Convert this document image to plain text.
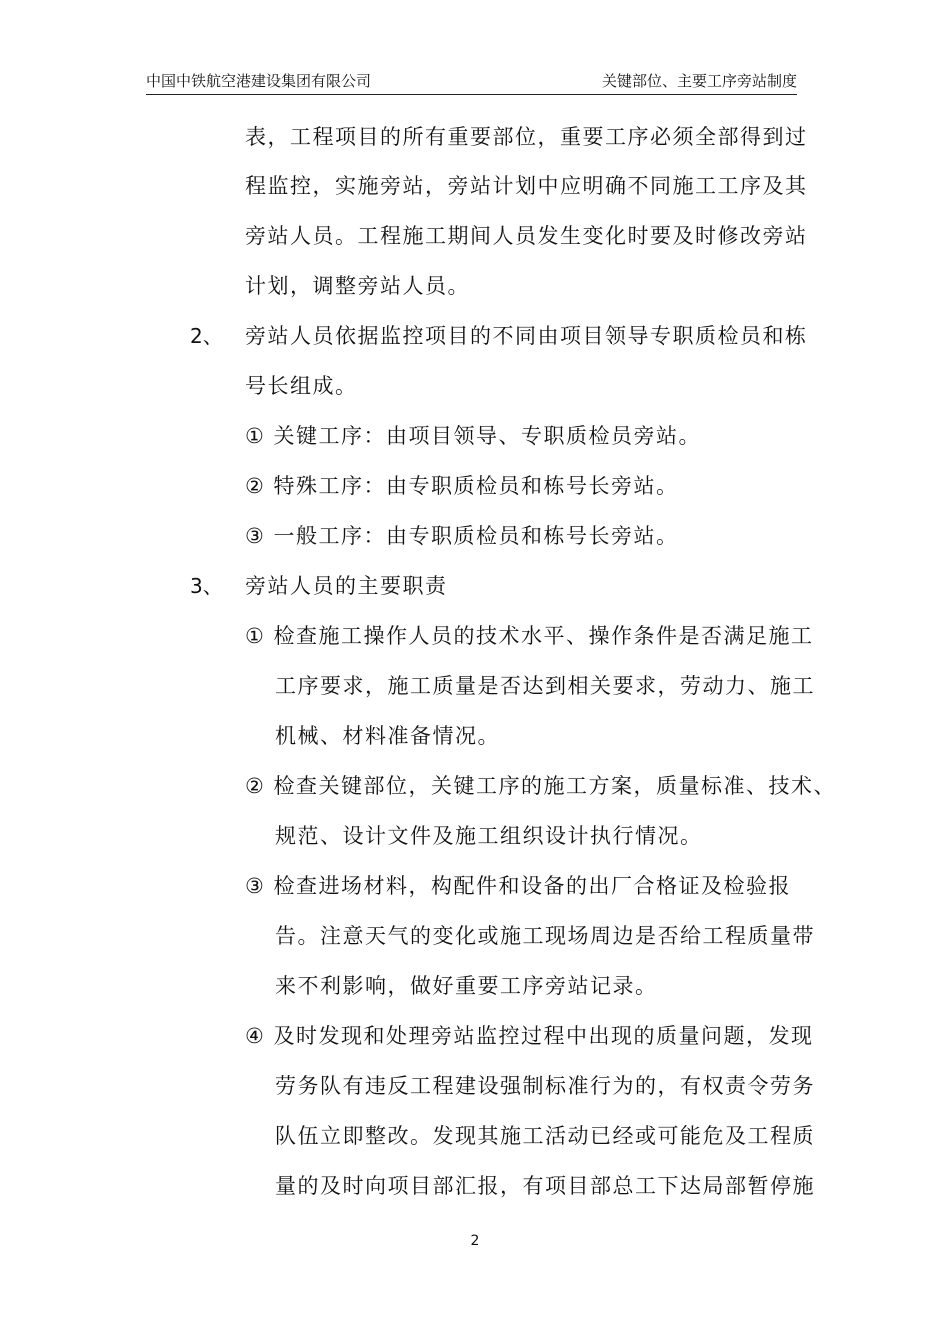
中国中铁航空港建设集团有限公司	关键部位、主要工序旁站制度
表，工程项目的所有重要部位，重要工序必须全部得到过
程监控，实施旁站，旁站计划中应明确不同施工工序及其
旁站人员。工程施工期间人员发生变化时要及时修改旁站
计划，调整旁站人员。
2、 旁站人员依据监控项目的不同由项目领导专职质检员和栋
号长组成。
① 关键工序：由项目领导、专职质检员旁站。
② 特殊工序：由专职质检员和栋号长旁站。
③ 一般工序：由专职质检员和栋号长旁站。
3、 旁站人员的主要职责
① 检查施工操作人员的技术水平、操作条件是否满足施工
工序要求，施工质量是否达到相关要求，劳动力、施工
机械、材料准备情况。
② 检查关键部位，关键工序的施工方案，质量标准、技术、
规范、设计文件及施工组织设计执行情况。
③ 检查进场材料，构配件和设备的出厂合格证及检验报
告。注意天气的变化或施工现场周边是否给工程质量带
来不利影响，做好重要工序旁站记录。
④ 及时发现和处理旁站监控过程中出现的质量问题，发现
劳务队有违反工程建设强制标准行为的，有权责令劳务
队伍立即整改。发现其施工活动已经或可能危及工程质
量的及时向项目部汇报，有项目部总工下达局部暂停施
2
